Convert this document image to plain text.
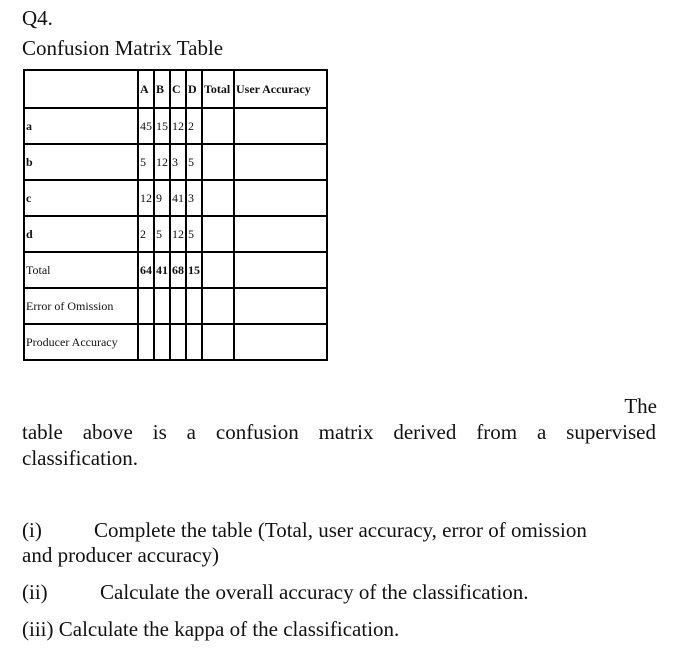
Q4.
Confusion Matrix Table
	A	B	C	D	Total	User Accuracy
a	45	15	12	2		
b	5	12	3	5		
c	12	9	41	3		
d	2	5	12	5		
Total	64	41	68	15		
Error of Omission						
Producer Accuracy						
The
table above is a confusion matrix derived from a supervised
classification.
(i) Complete the table (Total, user accuracy, error of omission
and producer accuracy)
(ii) Calculate the overall accuracy of the classification.
(iii) Calculate the kappa of the classification.
